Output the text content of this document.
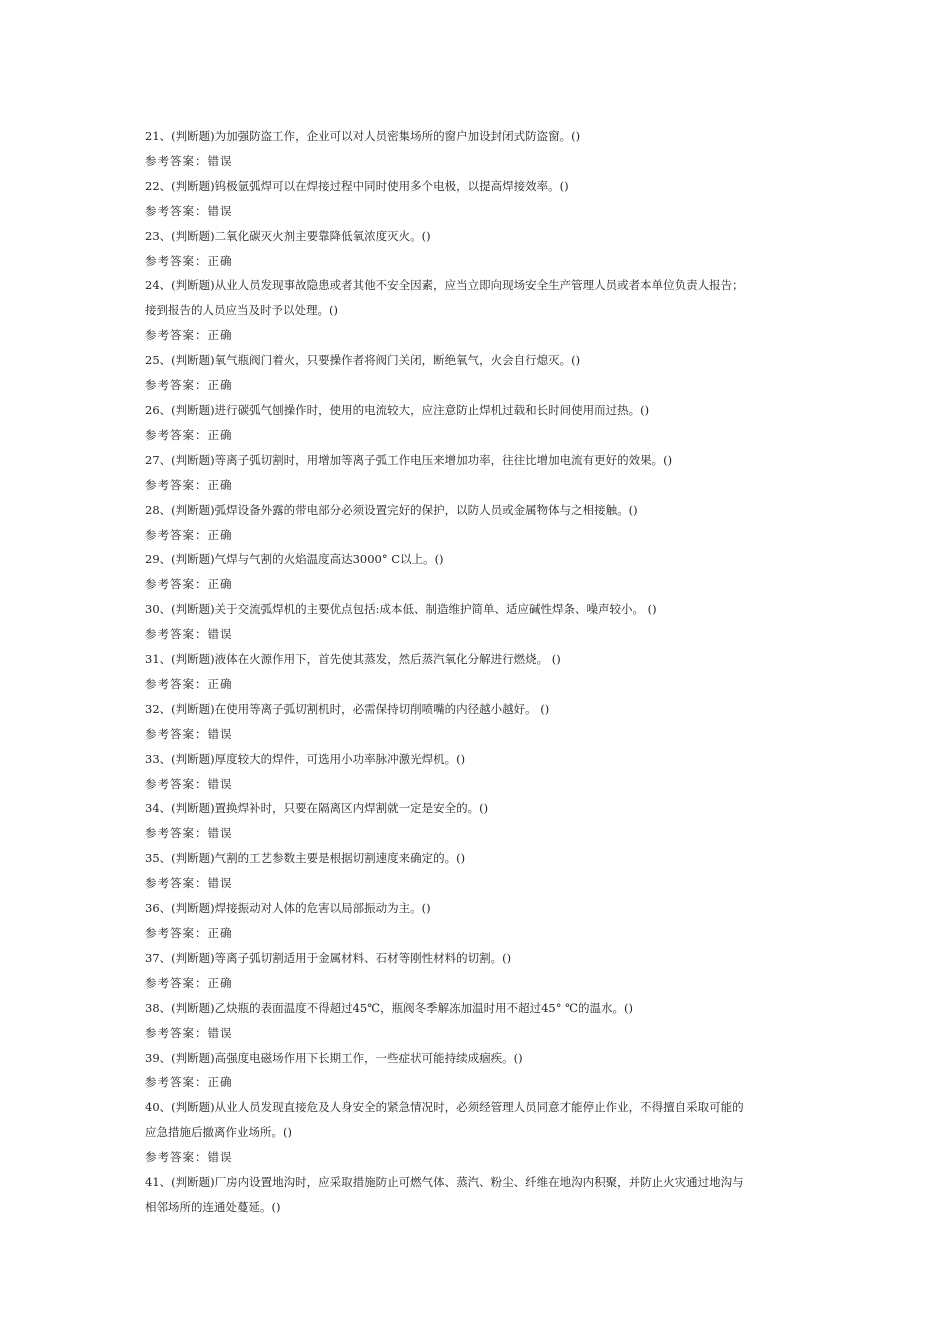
21、(判断题)为加强防盗工作，企业可以对人员密集场所的窗户加设封闭式防盗窗。()
参考答案：错误
22、(判断题)钨极氩弧焊可以在焊接过程中同时使用多个电极，以提高焊接效率。()
参考答案：错误
23、(判断题)二氧化碳灭火剂主要靠降低氧浓度灭火。()
参考答案：正确
24、(判断题)从业人员发现事故隐患或者其他不安全因素，应当立即向现场安全生产管理人员或者本单位负责人报告；
接到报告的人员应当及时予以处理。()
参考答案：正确
25、(判断题)氧气瓶阀门着火，只要操作者将阀门关闭，断绝氧气，火会自行熄灭。()
参考答案：正确
26、(判断题)进行碳弧气刨操作时，使用的电流较大，应注意防止焊机过载和长时间使用而过热。()
参考答案：正确
27、(判断题)等离子弧切割时，用增加等离子弧工作电压来增加功率，往往比增加电流有更好的效果。()
参考答案：正确
28、(判断题)弧焊设备外露的带电部分必须设置完好的保护，以防人员或金属物体与之相接触。()
参考答案：正确
29、(判断题)气焊与气割的火焰温度高达3000° C以上。()
参考答案：正确
30、(判断题)关于交流弧焊机的主要优点包括:成本低、制造维护简单、适应碱性焊条、噪声较小。 ()
参考答案：错误
31、(判断题)液体在火源作用下，首先使其蒸发，然后蒸汽氧化分解进行燃烧。 ()
参考答案：正确
32、(判断题)在使用等离子弧切割机时，必需保持切削喷嘴的内径越小越好。 ()
参考答案：错误
33、(判断题)厚度较大的焊件，可选用小功率脉冲激光焊机。()
参考答案：错误
34、(判断题)置换焊补时，只要在隔离区内焊割就一定是安全的。()
参考答案：错误
35、(判断题)气割的工艺参数主要是根据切割速度来确定的。()
参考答案：错误
36、(判断题)焊接振动对人体的危害以局部振动为主。()
参考答案：正确
37、(判断题)等离子弧切割适用于金属材料、石材等刚性材料的切割。()
参考答案：正确
38、(判断题)乙炔瓶的表面温度不得超过45℃，瓶阀冬季解冻加温时用不超过45° ℃的温水。()
参考答案：错误
39、(判断题)高强度电磁场作用下长期工作，一些症状可能持续成痼疾。()
参考答案：正确
40、(判断题)从业人员发现直接危及人身安全的紧急情况时，必须经管理人员同意才能停止作业，不得擅自采取可能的
应急措施后撤离作业场所。()
参考答案：错误
41、(判断题)厂房内设置地沟时，应采取措施防止可燃气体、蒸汽、粉尘、纤维在地沟内积聚，并防止火灾通过地沟与
相邻场所的连通处蔓延。()
